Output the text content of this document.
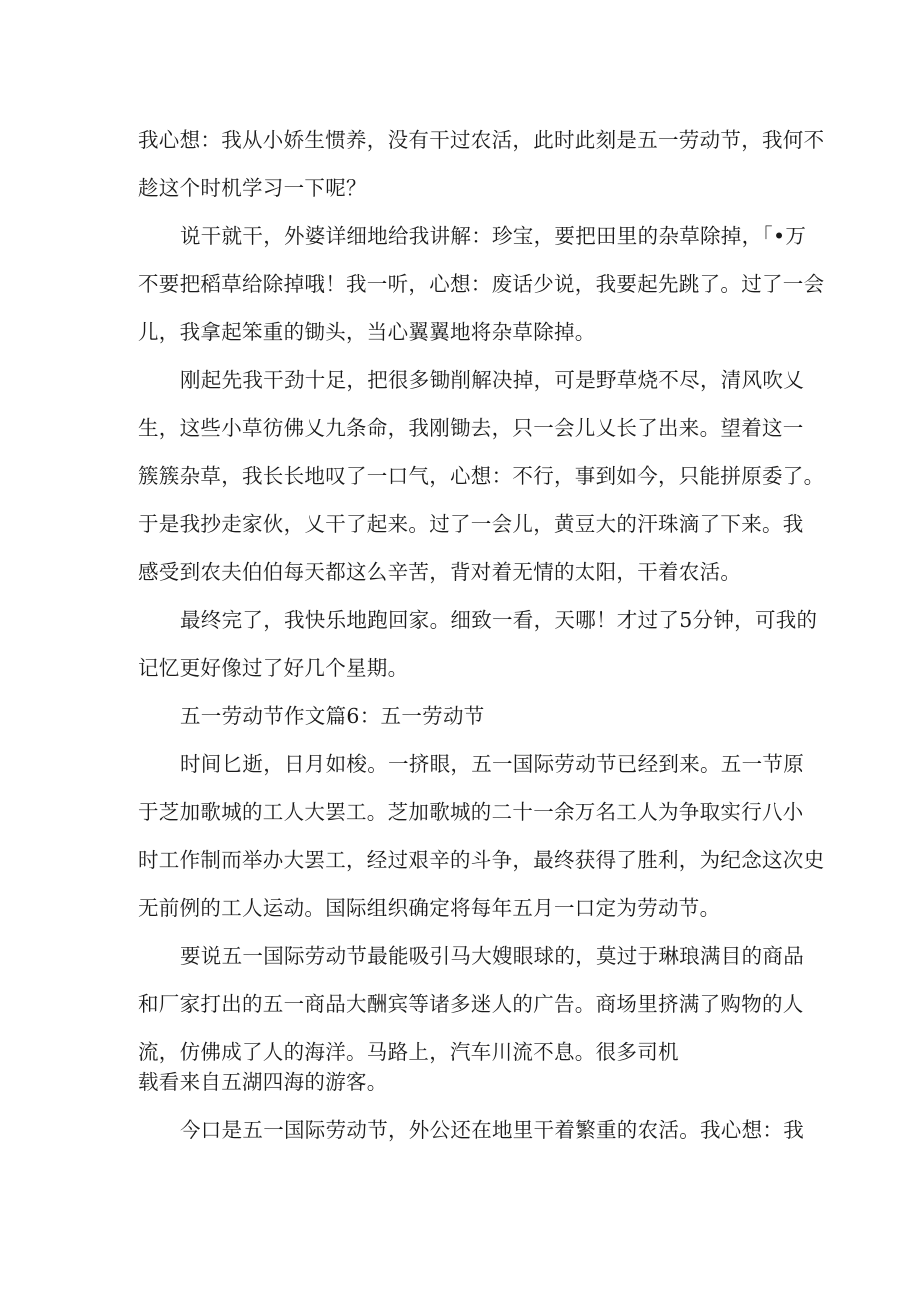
我心想：我从小娇生惯养，没有干过农活，此时此刻是五一劳动节，我何不
趁这个时机学习一下呢？
说干就干，外婆详细地给我讲解：珍宝，要把田里的杂草除掉，「•万
不要把稻草给除掉哦！我一听，心想：废话少说，我要起先跳了。过了一会
儿，我拿起笨重的锄头，当心翼翼地将杂草除掉。
刚起先我干劲十足，把很多锄削解决掉，可是野草烧不尽，清风吹乂
生，这些小草彷佛乂九条命，我刚锄去，只一会儿乂长了出来。望着这一
簇簇杂草，我长长地叹了一口气，心想：不行，事到如今，只能拼原委了。
于是我抄走家伙，乂干了起来。过了一会儿，黄豆大的汗珠滴了下来。我
感受到农夫伯伯每天都这么辛苦，背对着无情的太阳，干着农活。
最终完了，我快乐地跑回家。细致一看，天哪！才过了5分钟，可我的
记忆更好像过了好几个星期。
五一劳动节作文篇6：五一劳动节
时间匕逝，日月如梭。一挤眼，五一国际劳动节已经到来。五一节原
于芝加歌城的工人大罢工。芝加歌城的二十一余万名工人为争取实行八小
时工作制而举办大罢工，经过艰辛的斗争，最终获得了胜利，为纪念这次史
无前例的工人运动。国际组织确定将每年五月一口定为劳动节。
要说五一国际劳动节最能吸引马大嫂眼球的，莫过于琳琅满目的商品
和厂家打出的五一商品大酬宾等诸多迷人的广告。商场里挤满了购物的人
流，仿佛成了人的海洋。马路上，汽车川流不息。很多司机
载看来自五湖四海的游客。
今口是五一国际劳动节，外公还在地里干着繁重的农活。我心想：我
